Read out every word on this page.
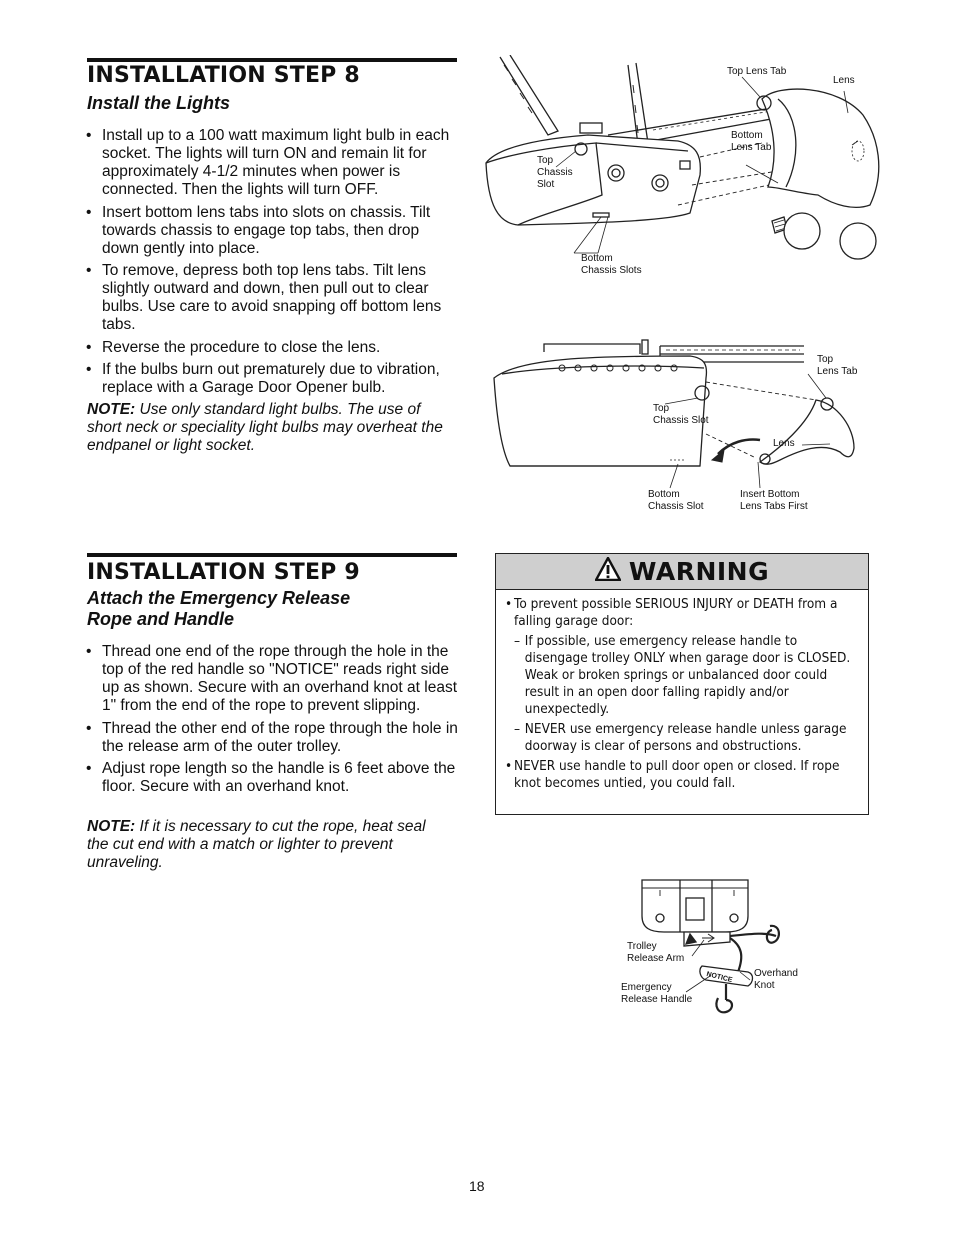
INSTALLATION STEP 8
Install the Lights
• Install up to a 100 watt maximum light bulb in each socket. The lights will turn ON and remain lit for approximately 4-1/2 minutes when power is connected. Then the lights will turn OFF.
• Insert bottom lens tabs into slots on chassis. Tilt towards chassis to engage top tabs, then drop down gently into place.
• To remove, depress both top lens tabs. Tilt lens slightly outward and down, then pull out to clear bulbs. Use care to avoid snapping off bottom lens tabs.
• Reverse the procedure to close the lens.
• If the bulbs burn out prematurely due to vibration, replace with a Garage Door Opener bulb.
NOTE: Use only standard light bulbs. The use of short neck or speciality light bulbs may overheat the endpanel or light socket.
Top Lens Tab
Lens
Bottom
Lens Tab
Top
Chassis
Slot
Bottom
Chassis Slots
Top
Lens Tab
Top
Chassis Slot
Lens
Bottom
Chassis Slot
Insert Bottom
Lens Tabs First
INSTALLATION STEP 9
Attach the Emergency Release
Rope and Handle
• Thread one end of the rope through the hole in the top of the red handle so "NOTICE" reads right side up as shown. Secure with an overhand knot at least 1" from the end of the rope to prevent slipping.
• Thread the other end of the rope through the hole in the release arm of the outer trolley.
• Adjust rope length so the handle is 6 feet above the floor. Secure with an overhand knot.
NOTE: If it is necessary to cut the rope, heat seal the cut end with a match or lighter to prevent unraveling.
WARNING
• To prevent possible SERIOUS INJURY or DEATH from a falling garage door:
– If possible, use emergency release handle to disengage trolley ONLY when garage door is CLOSED. Weak or broken springs or unbalanced door could result in an open door falling rapidly and/or unexpectedly.
– NEVER use emergency release handle unless garage doorway is clear of persons and obstructions.
• NEVER use handle to pull door open or closed. If rope knot becomes untied, you could fall.
NOTICE
Trolley
Release Arm
Overhand
Knot
Emergency
Release Handle
18
